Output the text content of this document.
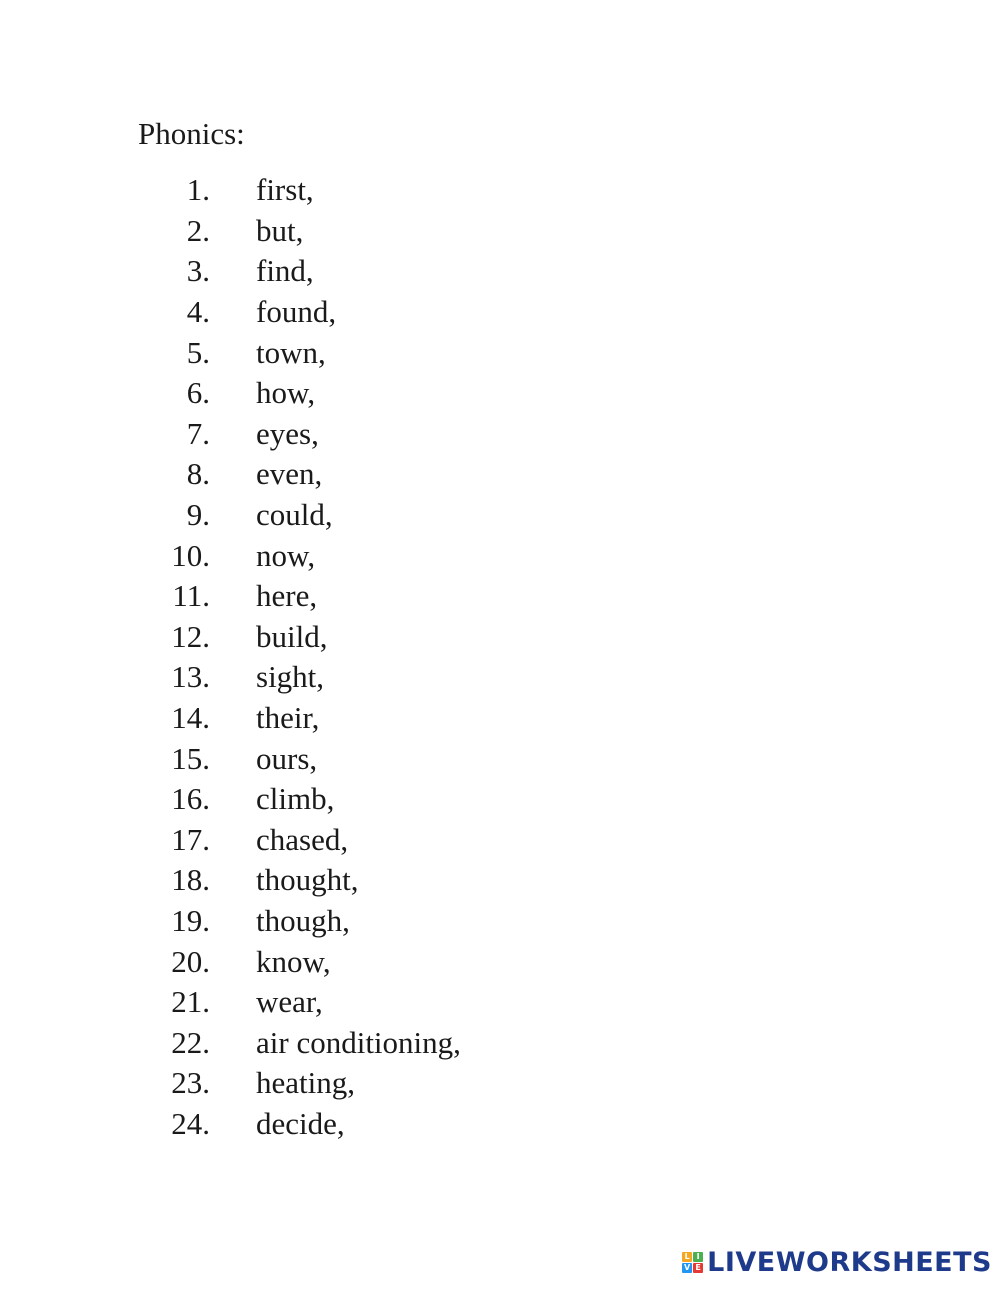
Phonics:
1. first,
2. but,
3. find,
4. found,
5. town,
6. how,
7. eyes,
8. even,
9. could,
10. now,
11. here,
12. build,
13. sight,
14. their,
15. ours,
16. climb,
17. chased,
18. thought,
19. though,
20. know,
21. wear,
22. air conditioning,
23. heating,
24. decide,
L I
V E LIVEWORKSHEETS
